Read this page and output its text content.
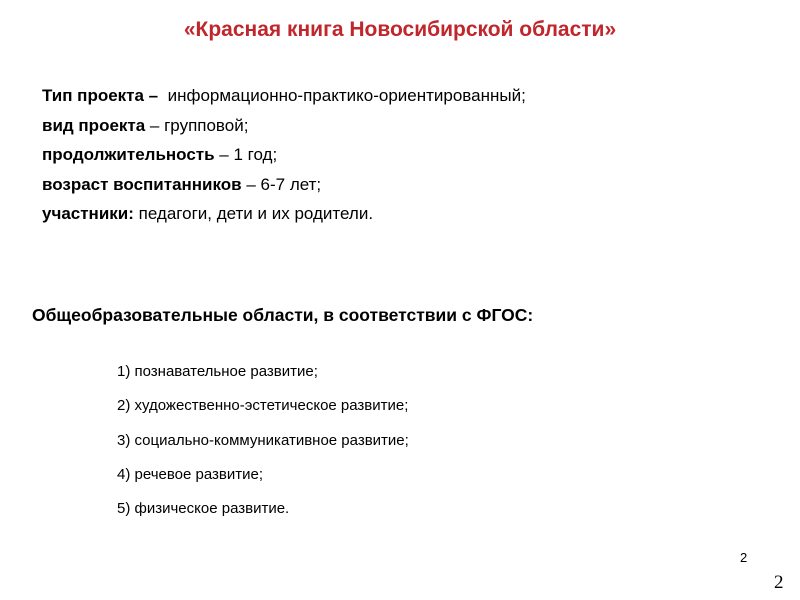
«Красная книга Новосибирской области»
Тип проекта –  информационно-практико-ориентированный;
вид проекта – групповой;
продолжительность – 1 год;
возраст воспитанников – 6-7 лет;
участники: педагоги, дети и их родители.
Общеобразовательные области, в соответствии с ФГОС:
1) познавательное развитие;
2) художественно-эстетическое развитие;
3) социально-коммуникативное развитие;
4) речевое развитие;
5) физическое развитие.
2
2
